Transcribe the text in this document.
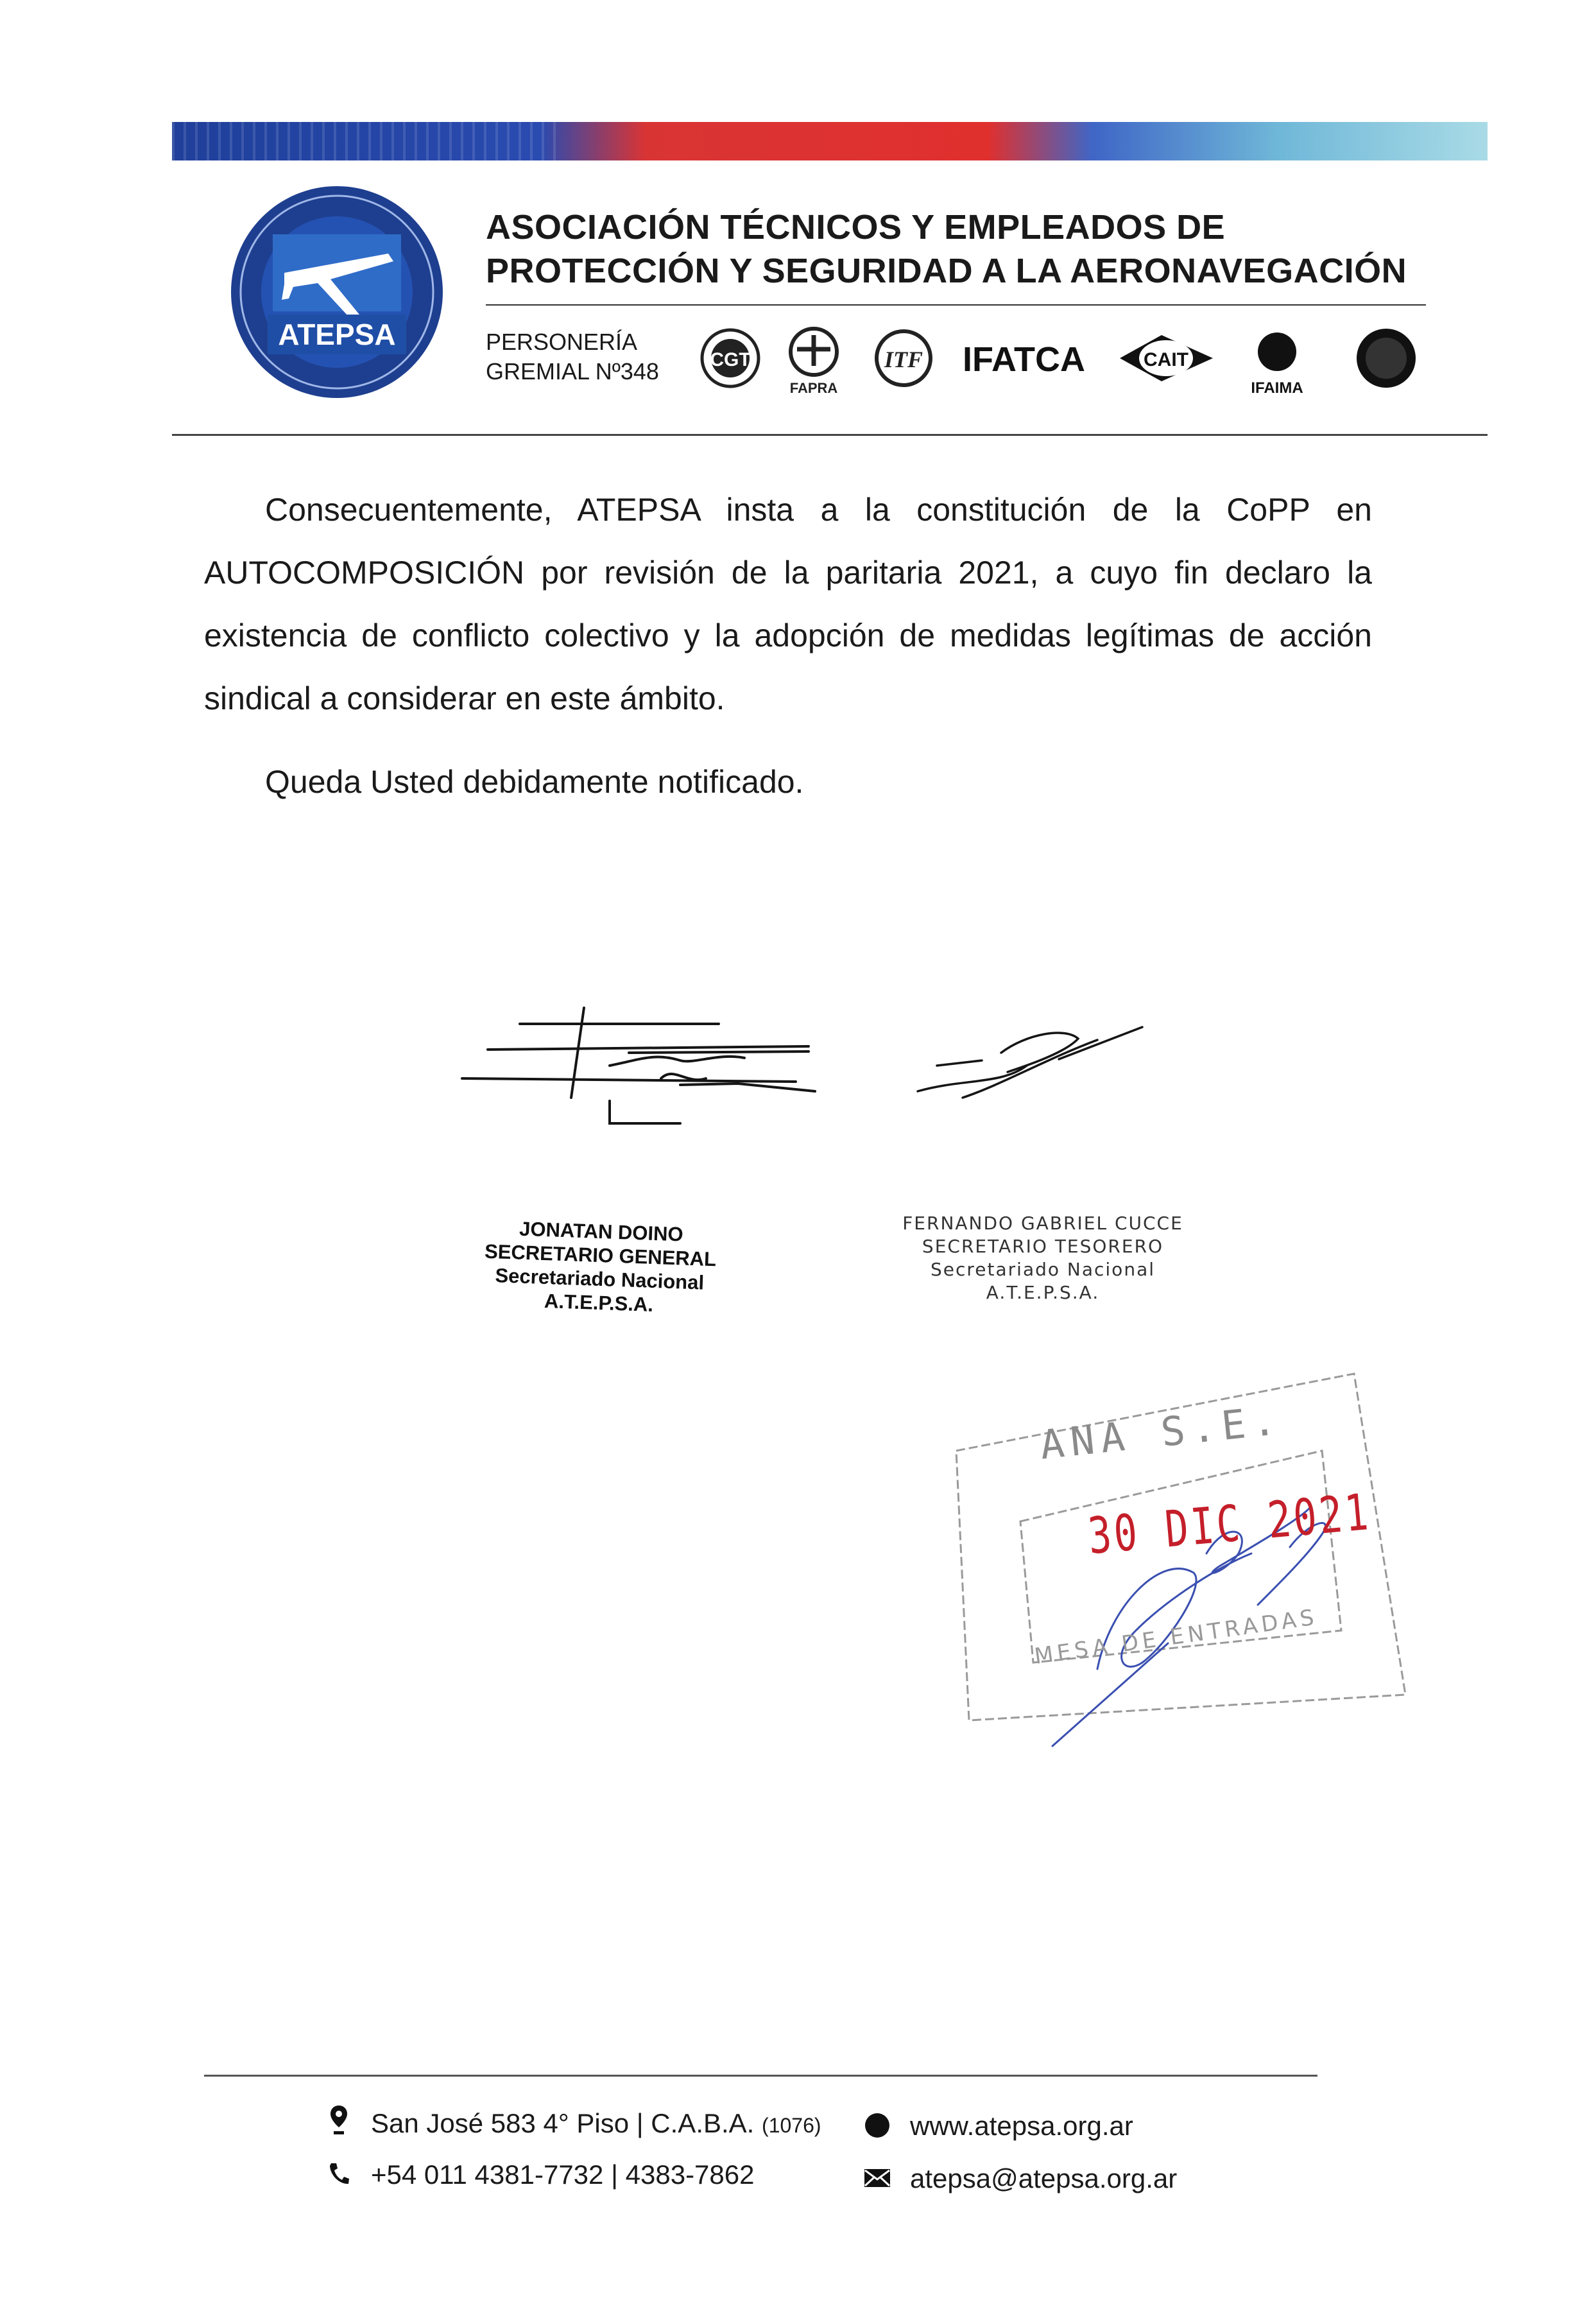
ATEPSA
ASOCIACIÓN TÉCNICOS Y EMPLEADOS DE
PROTECCIÓN Y SEGURIDAD A LA AERONAVEGACIÓN
PERSONERÍA
GREMIAL Nº348	CGT
FAPRA
ITF IFATCA	CAIT
IFAIMA

Consecuentemente, ATEPSA insta a la constitución de la CoPP en AUTOCOMPOSICIÓN por revisión de la paritaria 2021, a cuyo fin declaro la existencia de conflicto colectivo y la adopción de medidas legítimas de acción sindical a considerar en este ámbito.

Queda Usted debidamente notificado.

JONATAN DOINO
SECRETARIO GENERAL
Secretariado Nacional
A.T.E.P.S.A.
FERNANDO GABRIEL CUCCE
SECRETARIO TESORERO
Secretariado Nacional
A.T.E.P.S.A.
ANA S.E.
30 DIC 2021
MESA DE ENTRADAS
San José 583 4° Piso | C.A.B.A. (1076)
+54 011 4381-7732 | 4383-7862
www.atepsa.org.ar
atepsa@atepsa.org.ar
